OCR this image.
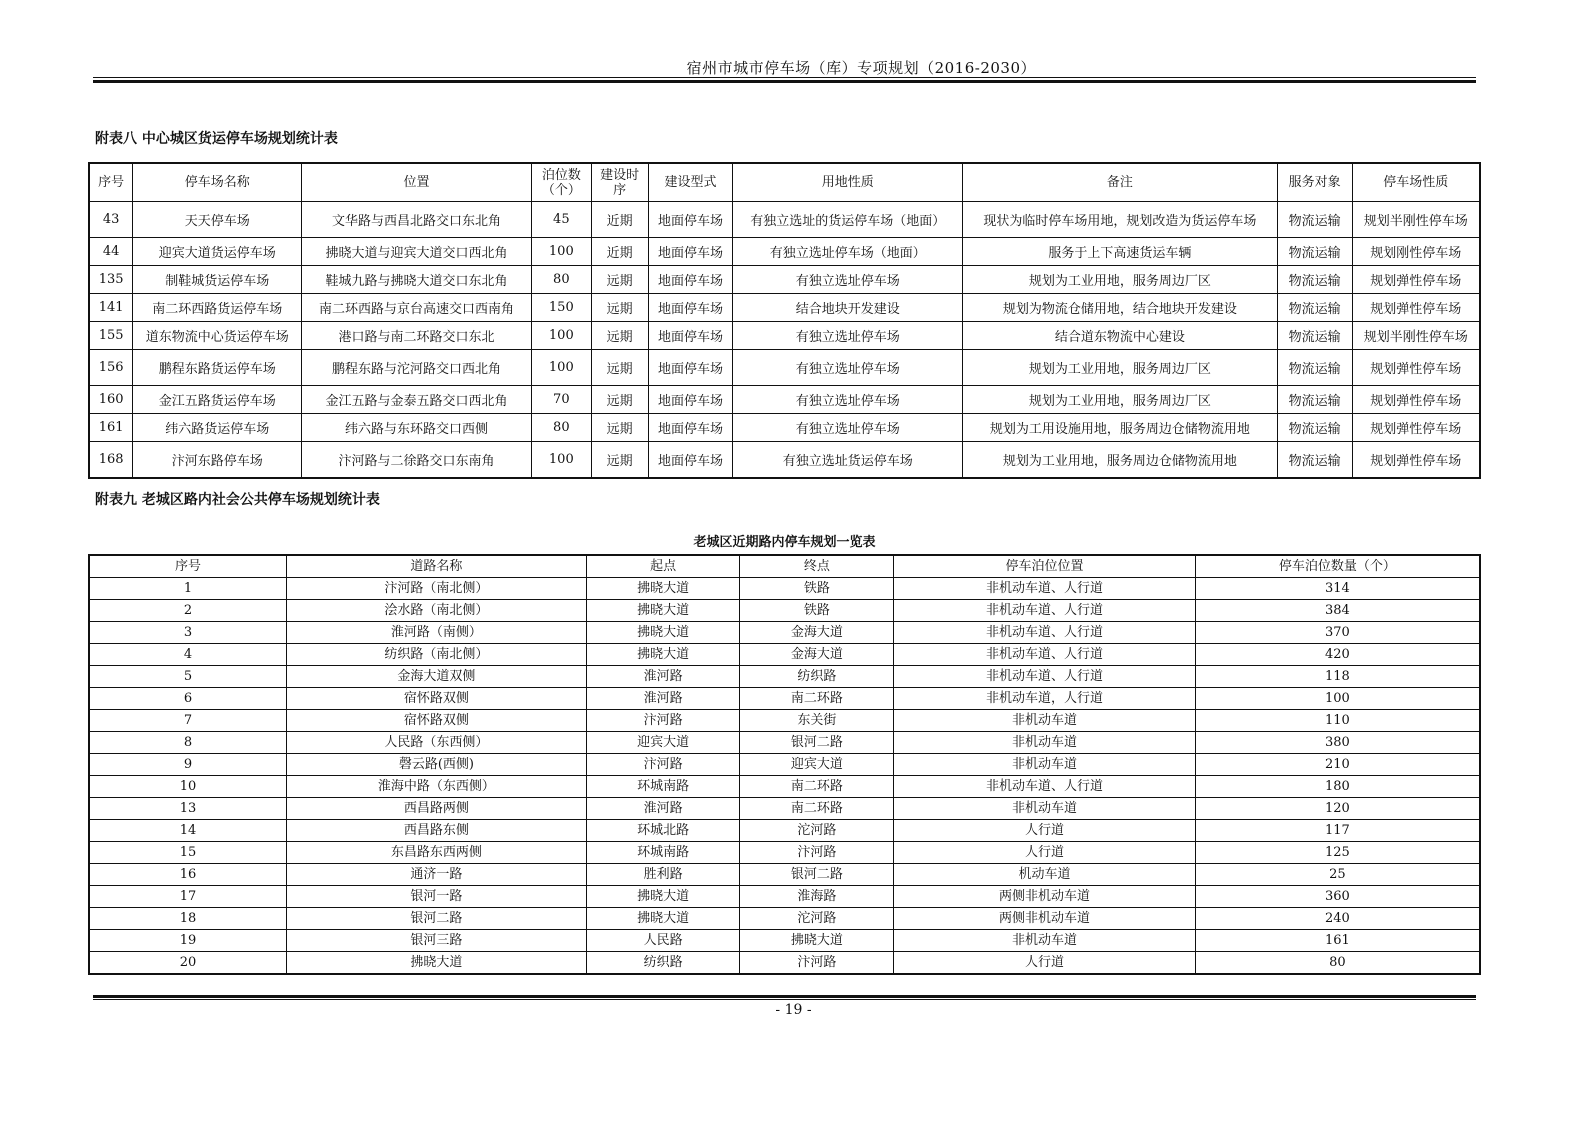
宿州市城市停车场（库）专项规划（2016-2030）
附表八 中心城区货运停车场规划统计表
序号	停车场名称	位置	泊位数（个）	建设时序	建设型式	用地性质	备注	服务对象	停车场性质
43	天天停车场	文华路与西昌北路交口东北角	45	近期	地面停车场	有独立选址的货运停车场（地面）	现状为临时停车场用地，规划改造为货运停车场	物流运输	规划半刚性停车场
44	迎宾大道货运停车场	拂晓大道与迎宾大道交口西北角	100	近期	地面停车场	有独立选址停车场（地面）	服务于上下高速货运车辆	物流运输	规划刚性停车场
135	制鞋城货运停车场	鞋城九路与拂晓大道交口东北角	80	远期	地面停车场	有独立选址停车场	规划为工业用地，服务周边厂区	物流运输	规划弹性停车场
141	南二环西路货运停车场	南二环西路与京台高速交口西南角	150	远期	地面停车场	结合地块开发建设	规划为物流仓储用地，结合地块开发建设	物流运输	规划弹性停车场
155	道东物流中心货运停车场	港口路与南二环路交口东北	100	远期	地面停车场	有独立选址停车场	结合道东物流中心建设	物流运输	规划半刚性停车场
156	鹏程东路货运停车场	鹏程东路与沱河路交口西北角	100	远期	地面停车场	有独立选址停车场	规划为工业用地，服务周边厂区	物流运输	规划弹性停车场
160	金江五路货运停车场	金江五路与金泰五路交口西北角	70	远期	地面停车场	有独立选址停车场	规划为工业用地，服务周边厂区	物流运输	规划弹性停车场
161	纬六路货运停车场	纬六路与东环路交口西侧	80	远期	地面停车场	有独立选址停车场	规划为工用设施用地，服务周边仓储物流用地	物流运输	规划弹性停车场
168	汴河东路停车场	汴河路与二徐路交口东南角	100	远期	地面停车场	有独立选址货运停车场	规划为工业用地，服务周边仓储物流用地	物流运输	规划弹性停车场
附表九 老城区路内社会公共停车场规划统计表
老城区近期路内停车规划一览表
序号	道路名称	起点	终点	停车泊位位置	停车泊位数量（个）
1	汴河路（南北侧）	拂晓大道	铁路	非机动车道、人行道	314
2	浍水路（南北侧）	拂晓大道	铁路	非机动车道、人行道	384
3	淮河路（南侧）	拂晓大道	金海大道	非机动车道、人行道	370
4	纺织路（南北侧）	拂晓大道	金海大道	非机动车道、人行道	420
5	金海大道双侧	淮河路	纺织路	非机动车道、人行道	118
6	宿怀路双侧	淮河路	南二环路	非机动车道，人行道	100
7	宿怀路双侧	汴河路	东关街	非机动车道	110
8	人民路（东西侧）	迎宾大道	银河二路	非机动车道	380
9	磬云路(西侧)	汴河路	迎宾大道	非机动车道	210
10	淮海中路（东西侧）	环城南路	南二环路	非机动车道、人行道	180
13	西昌路两侧	淮河路	南二环路	非机动车道	120
14	西昌路东侧	环城北路	沱河路	人行道	117
15	东昌路东西两侧	环城南路	汴河路	人行道	125
16	通济一路	胜利路	银河二路	机动车道	25
17	银河一路	拂晓大道	淮海路	两侧非机动车道	360
18	银河二路	拂晓大道	沱河路	两侧非机动车道	240
19	银河三路	人民路	拂晓大道	非机动车道	161
20	拂晓大道	纺织路	汴河路	人行道	80
- 19 -
